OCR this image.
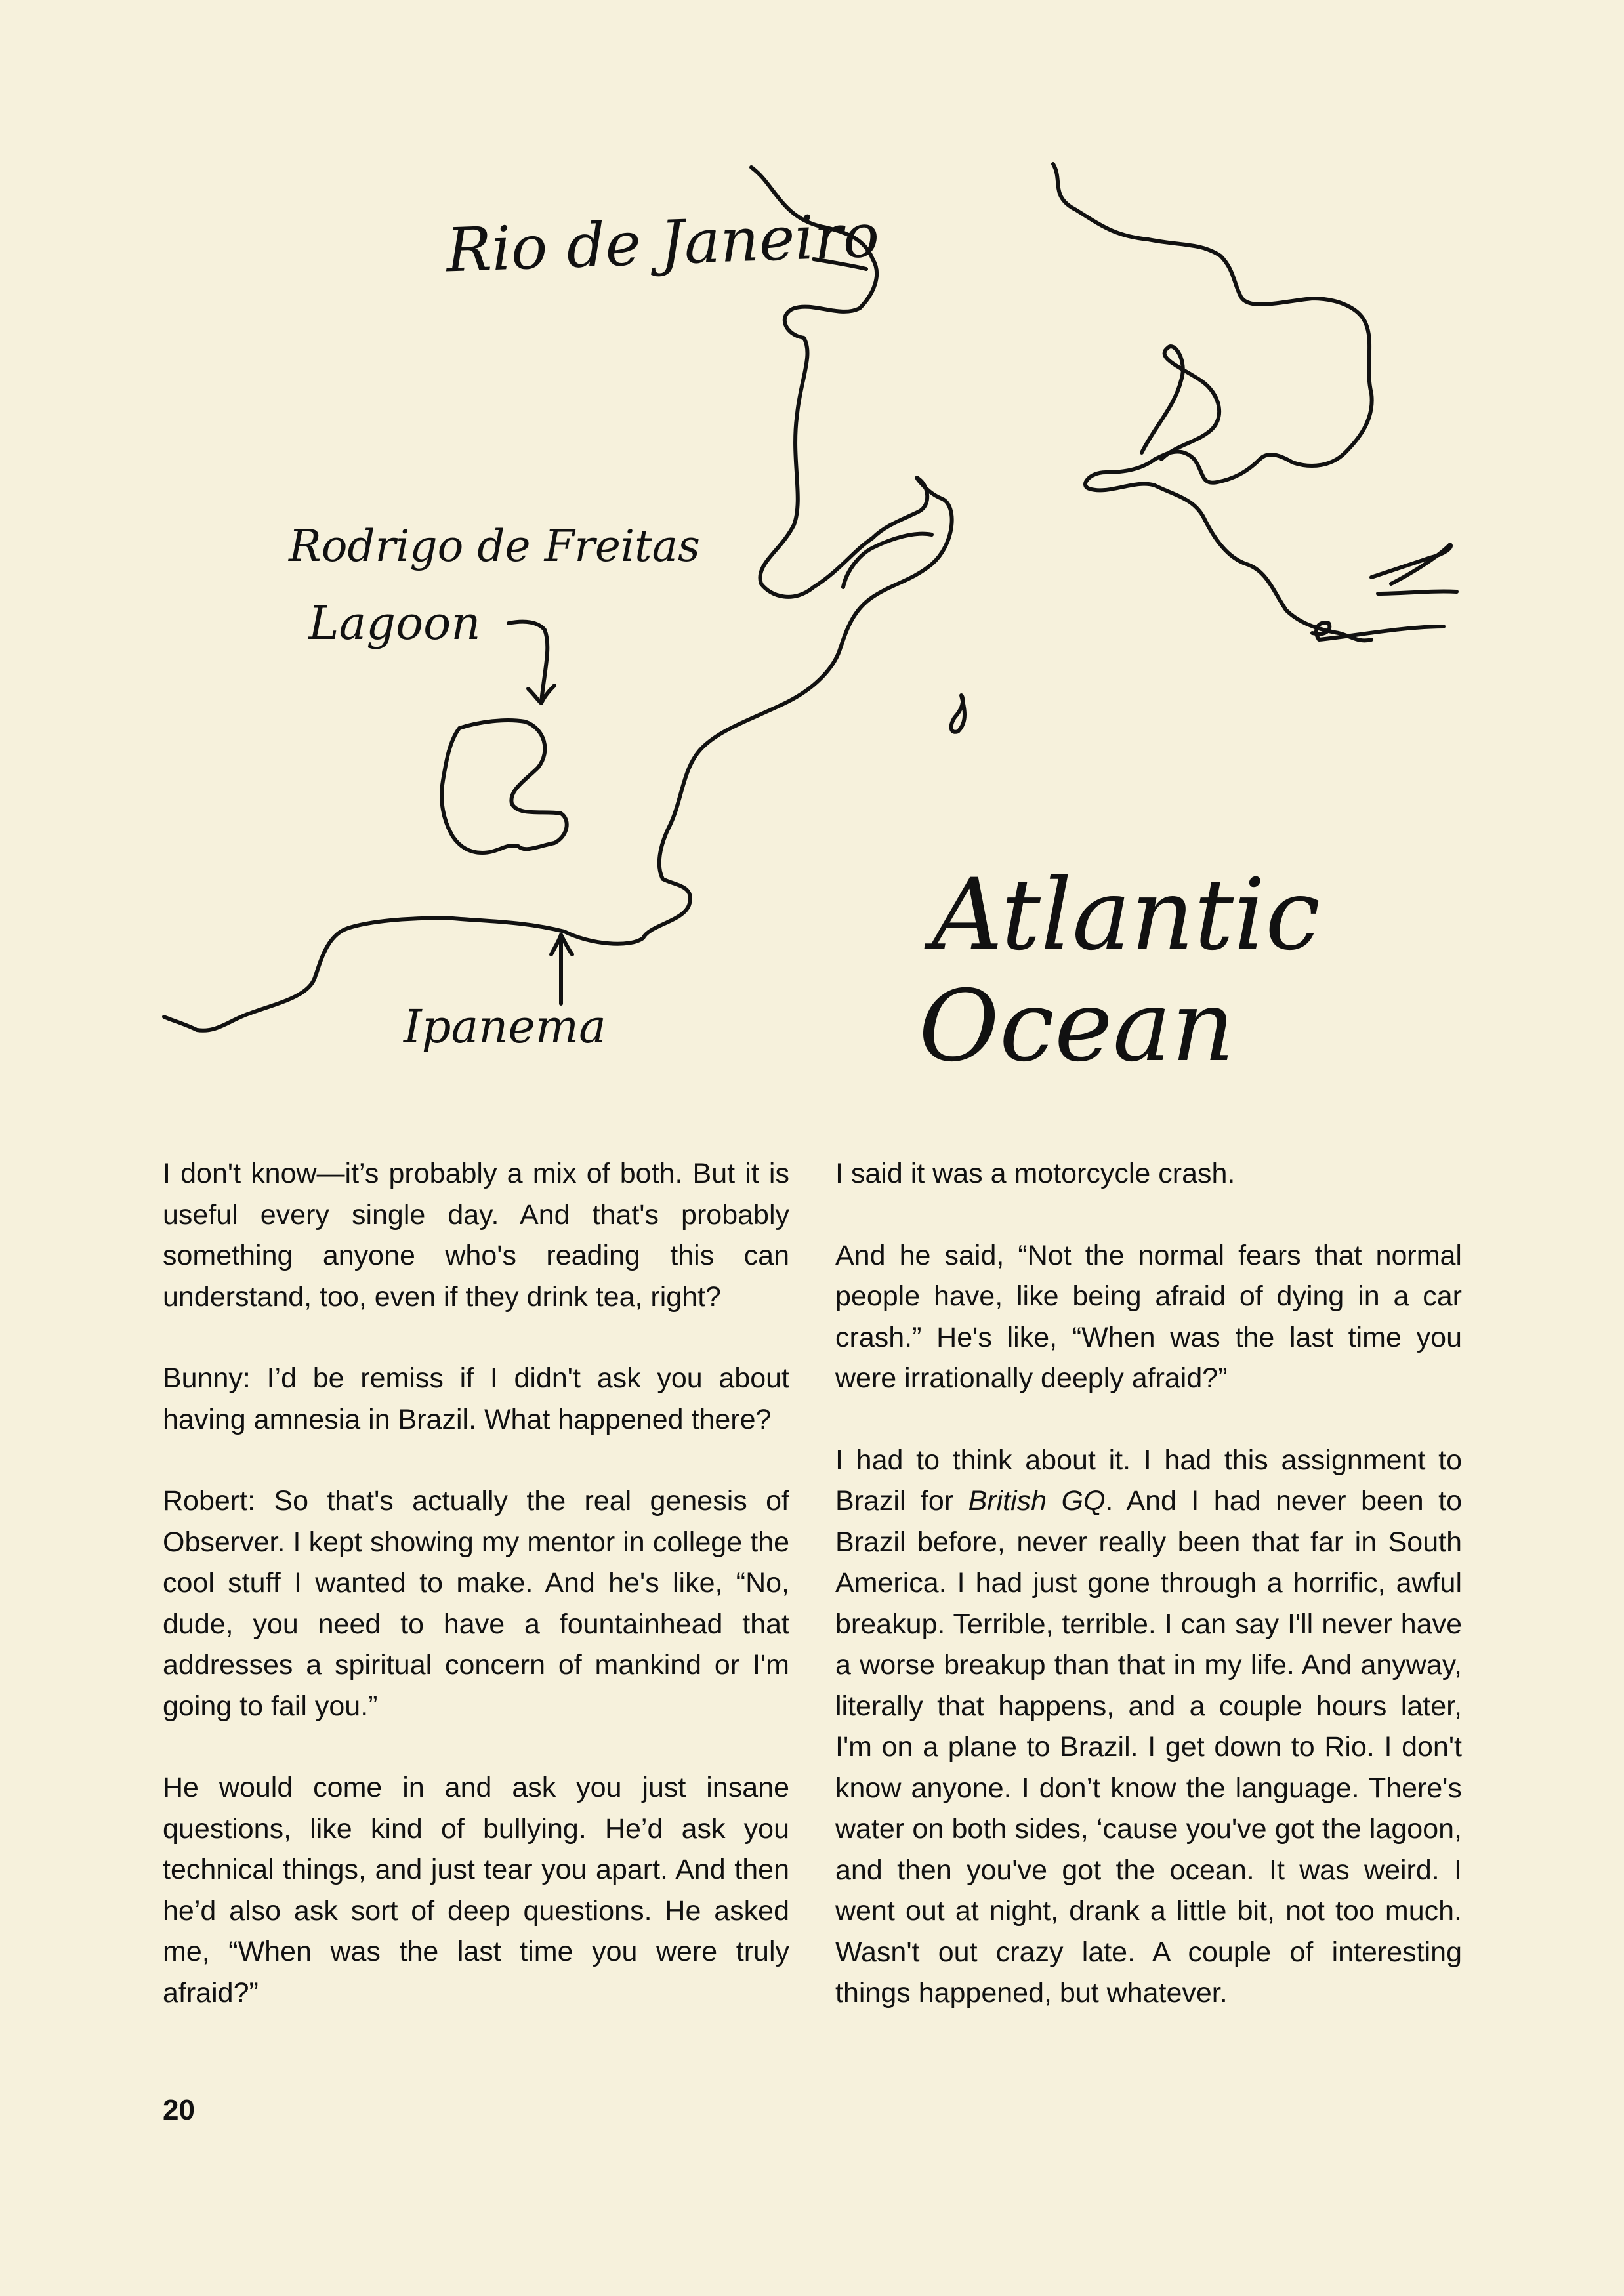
Rio de Janeiro
Rodrigo de Freitas
Lagoon
Ipanema
Atlantic
Ocean

I don't know—it’s probably a mix of both. But it is useful every single day. And that's probably something anyone who's reading this can understand, too, even if they drink tea, right?

Bunny: I’d be remiss if I didn't ask you about having amnesia in Brazil. What happened there?

Robert: So that's actually the real genesis of Observer. I kept showing my mentor in college the cool stuff I wanted to make. And he's like, “No, dude, you need to have a fountainhead that addresses a spiritual concern of mankind or I'm going to fail you.”

He would come in and ask you just insane questions, like kind of bullying. He’d ask you technical things, and just tear you apart. And then he’d also ask sort of deep questions. He asked me, “When was the last time you were truly afraid?”

I said it was a motorcycle crash.

And he said, “Not the normal fears that normal people have, like being afraid of dying in a car crash.” He's like, “When was the last time you were irrationally deeply afraid?”

I had to think about it. I had this assignment to Brazil for British GQ. And I had never been to Brazil before, never really been that far in South America. I had just gone through a horrific, awful breakup. Terrible, terrible. I can say I'll never have a worse breakup than that in my life. And anyway, literally that happens, and a couple hours later, I'm on a plane to Brazil. I get down to Rio. I don't know anyone. I don’t know the language. There's water on both sides, ‘cause you've got the lagoon, and then you've got the ocean. It was weird. I went out at night, drank a little bit, not too much. Wasn't out crazy late. A couple of interesting things happened, but whatever.

20
